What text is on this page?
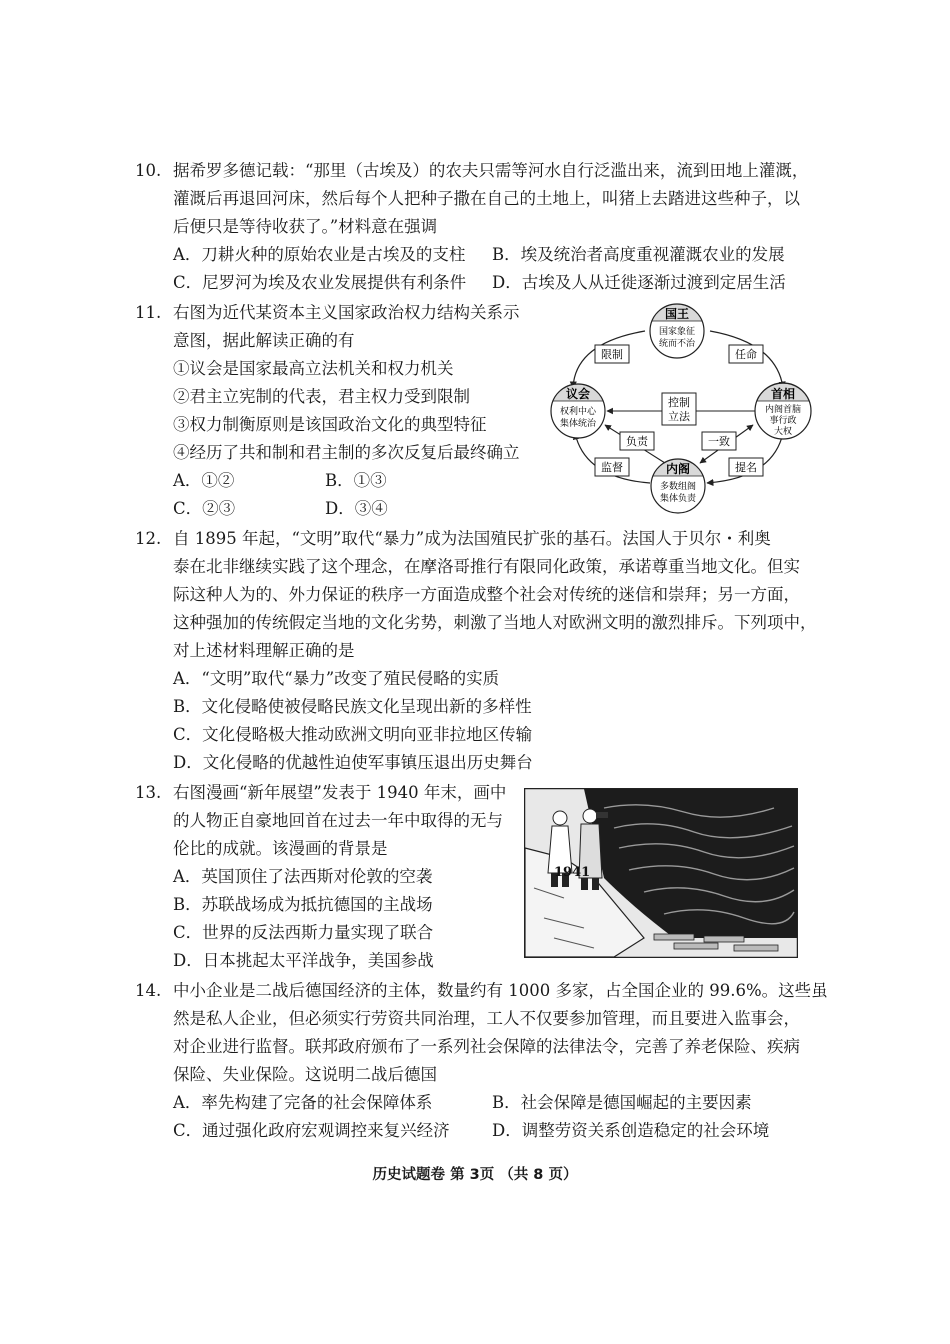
10. 据希罗多德记载：“那里（古埃及）的农夫只需等河水自行泛滥出来，流到田地上灌溉，
灌溉后再退回河床，然后每个人把种子撒在自己的土地上，叫猪上去踏进这些种子，以
后便只是等待收获了。”材料意在强调
A．刀耕火种的原始农业是古埃及的支柱 B．埃及统治者高度重视灌溉农业的发展
C．尼罗河为埃及农业发展提供有利条件 D．古埃及人从迁徙逐渐过渡到定居生活
11. 右图为近代某资本主义国家政治权力结构关系示
意图，据此解读正确的有
①议会是国家最高立法机关和权力机关
②君主立宪制的代表，君主权力受到限制
③权力制衡原则是该国政治文化的典型特征
④经历了共和制和君主制的多次反复后最终确立
A．①②	B．①③
C．②③	D．③④
限制	任命
控制
立法
负责	一致
监督	提名
国王
国家象征
统而不治
议会
权利中心
集体统治
首相
内阁首脑
事行政
大权
内阁
多数组阁
集体负责
12. 自 1895 年起，“文明”取代“暴力”成为法国殖民扩张的基石。法国人于贝尔・利奥
泰在北非继续实践了这个理念，在摩洛哥推行有限同化政策，承诺尊重当地文化。但实
际这种人为的、外力保证的秩序一方面造成整个社会对传统的迷信和崇拜；另一方面，
这种强加的传统假定当地的文化劣势，刺激了当地人对欧洲文明的激烈排斥。下列项中，
对上述材料理解正确的是
A．“文明”取代“暴力”改变了殖民侵略的实质
B．文化侵略使被侵略民族文化呈现出新的多样性
C．文化侵略极大推动欧洲文明向亚非拉地区传输
D．文化侵略的优越性迫使军事镇压退出历史舞台
13. 右图漫画“新年展望”发表于 1940 年末，画中
的人物正自豪地回首在过去一年中取得的无与
伦比的成就。该漫画的背景是
A．英国顶住了法西斯对伦敦的空袭
B．苏联战场成为抵抗德国的主战场
C．世界的反法西斯力量实现了联合
D．日本挑起太平洋战争，美国参战
1941
14. 中小企业是二战后德国经济的主体，数量约有 1000 多家，占全国企业的 99.6%。这些虽
然是私人企业，但必须实行劳资共同治理，工人不仅要参加管理，而且要进入监事会，
对企业进行监督。联邦政府颁布了一系列社会保障的法律法令，完善了养老保险、疾病
保险、失业保险。这说明二战后德国
A．率先构建了完备的社会保障体系	B．社会保障是德国崛起的主要因素
C．通过强化政府宏观调控来复兴经济	D．调整劳资关系创造稳定的社会环境
历史试题卷 第 3页 （共 8 页）
